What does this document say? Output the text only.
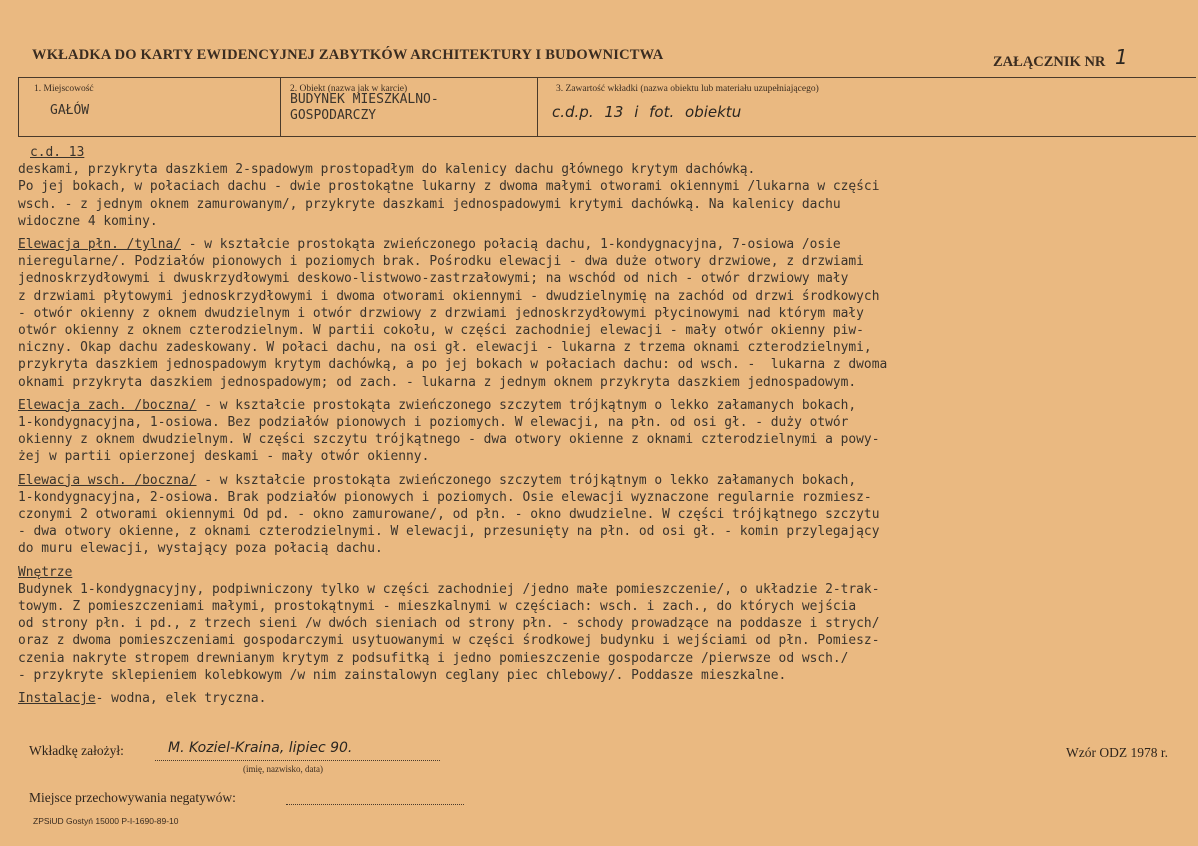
WKŁADKA DO KARTY EWIDENCYJNEJ ZABYTKÓW ARCHITEKTURY I BUDOWNICTWA	ZAŁĄCZNIK NR 1
1. Miejscowość
GAŁÓW
2. Obiekt (nazwa jak w karcie)
BUDYNEK MIESZKALNO-
GOSPODARCZY
3. Zawartość wkładki (nazwa obiektu lub materiału uzupełniającego)
c.d.p. 13 i fot. obiektu
c.d. 13
deskami, przykryta daszkiem 2-spadowym prostopadłym do kalenicy dachu głównego krytym dachówką.
Po jej bokach, w połaciach dachu - dwie prostokątne lukarny z dwoma małymi otworami okiennymi /lukarna w części
wsch. - z jednym oknem zamurowanym/, przykryte daszkami jednospadowymi krytymi dachówką. Na kalenicy dachu
widoczne 4 kominy.

Elewacja płn. /tylna/ - w kształcie prostokąta zwieńczonego połacią dachu, 1-kondygnacyjna, 7-osiowa /osie
nieregularne/. Podziałów pionowych i poziomych brak. Pośrodku elewacji - dwa duże otwory drzwiowe, z drzwiami
jednoskrzydłowymi i dwuskrzydłowymi deskowo-listwowo-zastrzałowymi; na wschód od nich - otwór drzwiowy mały
z drzwiami płytowymi jednoskrzydłowymi i dwoma otworami okiennymi - dwudzielnymię na zachód od drzwi środkowych
- otwór okienny z oknem dwudzielnym i otwór drzwiowy z drzwiami jednoskrzydłowymi płycinowymi nad którym mały
otwór okienny z oknem czterodzielnym. W partii cokołu, w części zachodniej elewacji - mały otwór okienny piw-
niczny. Okap dachu zadeskowany. W połaci dachu, na osi gł. elewacji - lukarna z trzema oknami czterodzielnymi,
przykryta daszkiem jednospadowym krytym dachówką, a po jej bokach w połaciach dachu: od wsch. -  lukarna z dwoma
oknami przykryta daszkiem jednospadowym; od zach. - lukarna z jednym oknem przykryta daszkiem jednospadowym.

Elewacja zach. /boczna/ - w kształcie prostokąta zwieńczonego szczytem trójkątnym o lekko załamanych bokach,
1-kondygnacyjna, 1-osiowa. Bez podziałów pionowych i poziomych. W elewacji, na płn. od osi gł. - duży otwór
okienny z oknem dwudzielnym. W części szczytu trójkątnego - dwa otwory okienne z oknami czterodzielnymi a powy-
żej w partii opierzonej deskami - mały otwór okienny.

Elewacja wsch. /boczna/ - w kształcie prostokąta zwieńczonego szczytem trójkątnym o lekko załamanych bokach,
1-kondygnacyjna, 2-osiowa. Brak podziałów pionowych i poziomych. Osie elewacji wyznaczone regularnie rozmiesz-
czonymi 2 otworami okiennymi Od pd. - okno zamurowane/, od płn. - okno dwudzielne. W części trójkątnego szczytu
- dwa otwory okienne, z oknami czterodzielnymi. W elewacji, przesunięty na płn. od osi gł. - komin przylegający
do muru elewacji, wystający poza połacią dachu.

Wnętrze
Budynek 1-kondygnacyjny, podpiwniczony tylko w części zachodniej /jedno małe pomieszczenie/, o układzie 2-trak-
towym. Z pomieszczeniami małymi, prostokątnymi - mieszkalnymi w częściach: wsch. i zach., do których wejścia
od strony płn. i pd., z trzech sieni /w dwóch sieniach od strony płn. - schody prowadzące na poddasze i strych/
oraz z dwoma pomieszczeniami gospodarczymi usytuowanymi w części środkowej budynku i wejściami od płn. Pomiesz-
czenia nakryte stropem drewnianym krytym z podsufitką i jedno pomieszczenie gospodarcze /pierwsze od wsch./
- przykryte sklepieniem kolebkowym /w nim zainstalowyn ceglany piec chlebowy/. Poddasze mieszkalne.

Instalacje- wodna, elek tryczna.
Wkładkę założył:	M. Koziel-Kraina, lipiec 90.
(imię, nazwisko, data)
Wzór ODZ 1978 r.
Miejsce przechowywania negatywów:
ZPSiUD Gostyń 15000 P-I-1690-89-10
